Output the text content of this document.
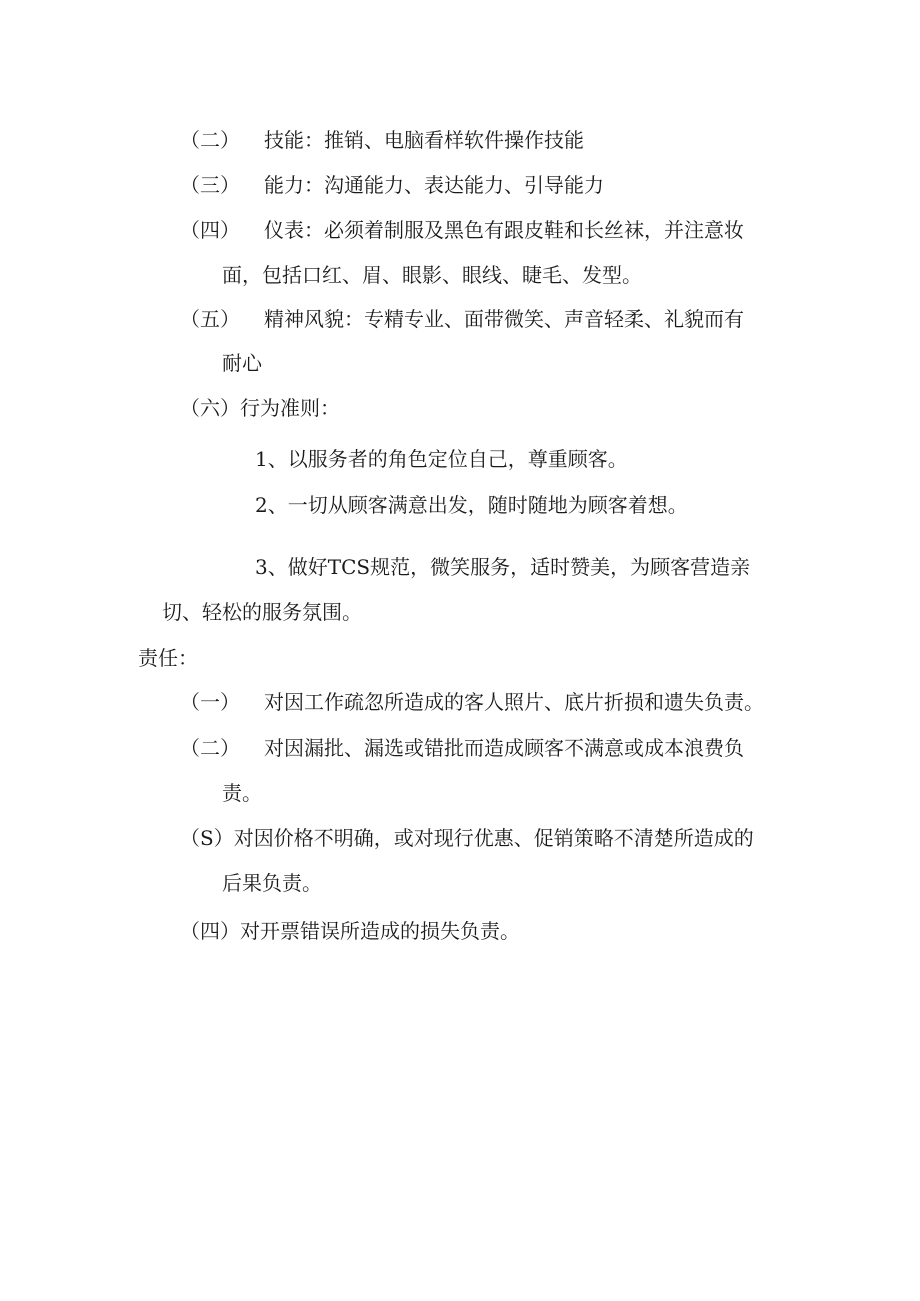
（二） 技能：推销、电脑看样软件操作技能
（三） 能力：沟通能力、表达能力、引导能力
（四） 仪表：必须着制服及黑色有跟皮鞋和长丝袜，并注意妆
面，包括口红、眉、眼影、眼线、睫毛、发型。
（五） 精神风貌：专精专业、面带微笑、声音轻柔、礼貌而有
耐心
（六）行为准则：
1、以服务者的角色定位自己，尊重顾客。
2、一切从顾客满意出发，随时随地为顾客着想。
3、做好TCS规范，微笑服务，适时赞美，为顾客营造亲
切、轻松的服务氛围。
责任：
（一） 对因工作疏忽所造成的客人照片、底片折损和遗失负责。
（二） 对因漏批、漏选或错批而造成顾客不满意或成本浪费负
责。
（S）对因价格不明确，或对现行优惠、促销策略不清楚所造成的
后果负责。
（四）对开票错误所造成的损失负责。
